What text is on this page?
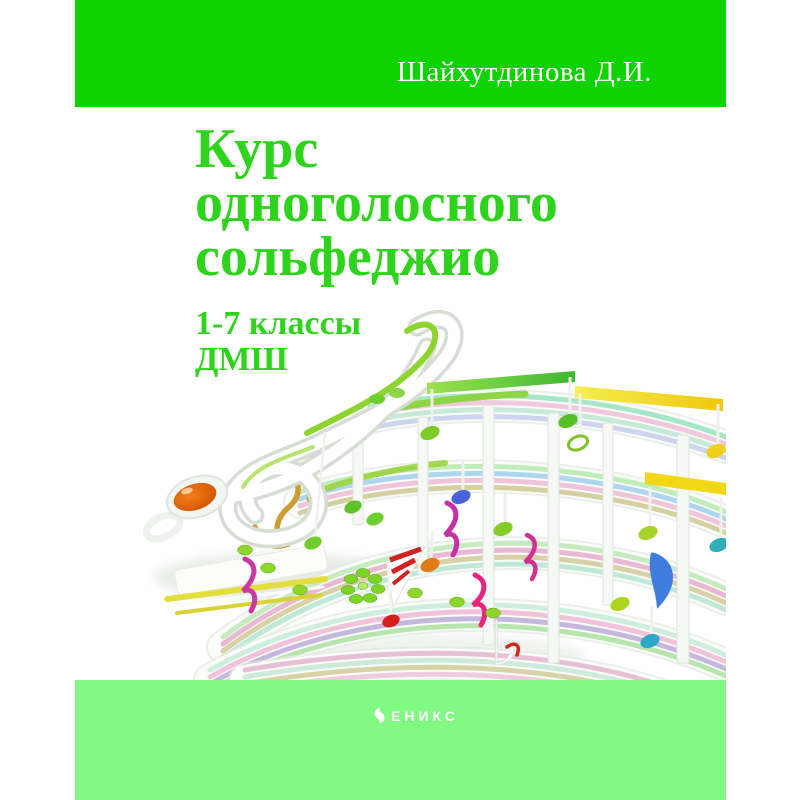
Шайхутдинова Д.И.
Курс
одноголосного
сольфеджио
1-7 классы
ДМШ
♭
ЕНИКС
